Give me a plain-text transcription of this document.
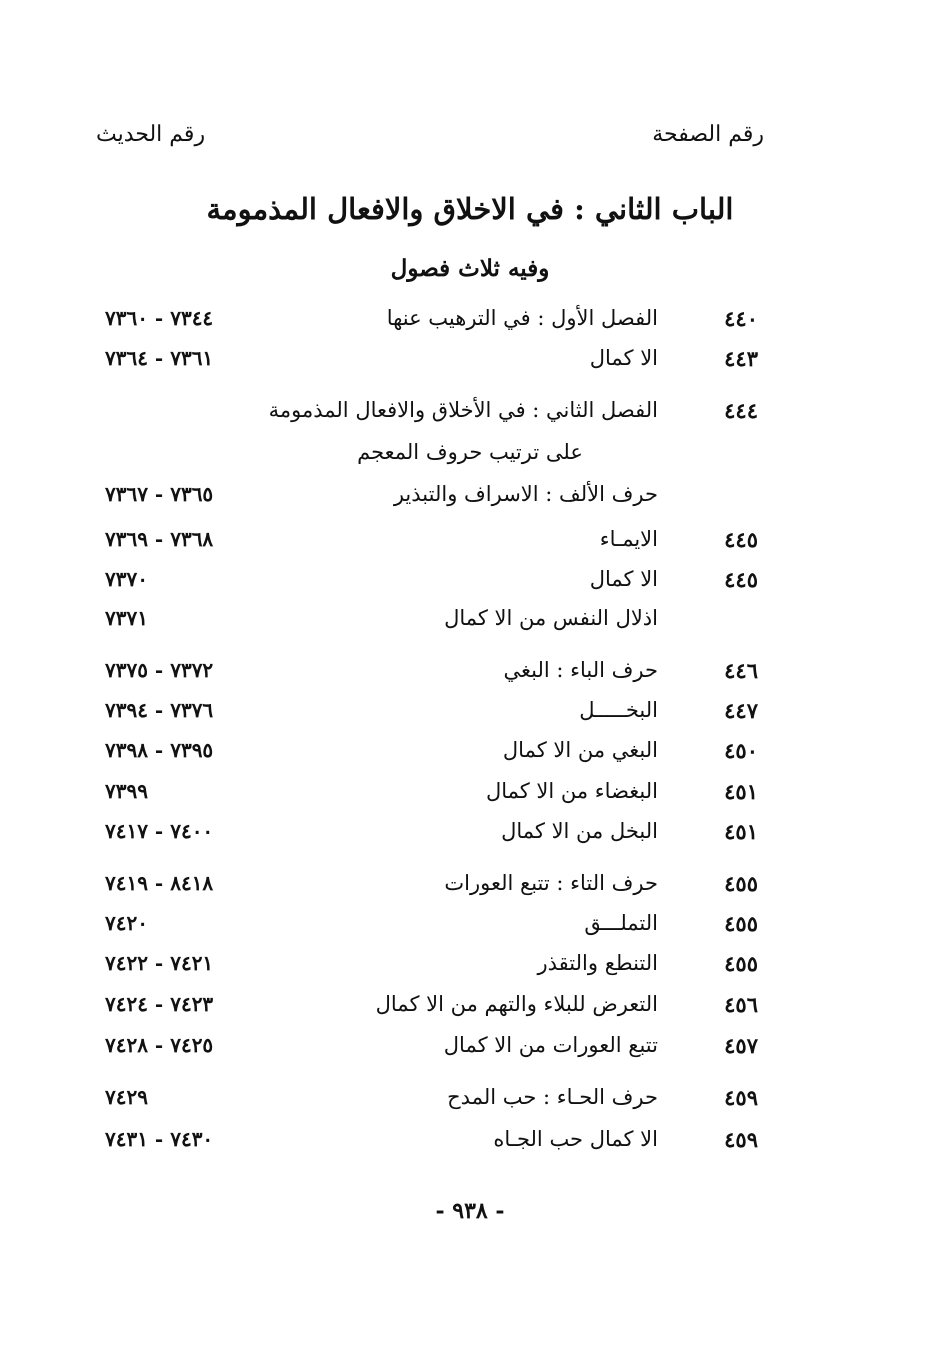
رقم الصفحة
رقم الحديث
الباب الثاني : في الاخلاق والافعال المذمومة
وفيه ثلاث فصول
٤٤٠
الفصل الأول : في الترهيب عنها
٧٣٤٤ - ٧٣٦٠
٤٤٣
الا كمال
٧٣٦١ - ٧٣٦٤
٤٤٤
الفصل الثاني : في الأخلاق والافعال المذمومة
على ترتيب حروف المعجم
حرف الألف : الاسراف والتبذير
٧٣٦٥ - ٧٣٦٧
٤٤٥
الايمـاء
٧٣٦٨ - ٧٣٦٩
٤٤٥
الا كمال
٧٣٧٠
اذلال النفس من الا كمال
٧٣٧١
٤٤٦
حرف الباء : البغي
٧٣٧٢ - ٧٣٧٥
٤٤٧
البخـــــل
٧٣٧٦ - ٧٣٩٤
٤٥٠
البغي من الا كمال
٧٣٩٥ - ٧٣٩٨
٤٥١
البغضاء من الا كمال
٧٣٩٩
٤٥١
البخل من الا كمال
٧٤٠٠ - ٧٤١٧
٤٥٥
حرف التاء : تتبع العورات
٨٤١٨ - ٧٤١٩
٤٥٥
التملـــق
٧٤٢٠
٤٥٥
التنطع والتقذر
٧٤٢١ - ٧٤٢٢
٤٥٦
التعرض للبلاء والتهم من الا كمال
٧٤٢٣ - ٧٤٢٤
٤٥٧
تتبع العورات من الا كمال
٧٤٢٥ - ٧٤٢٨
٤٥٩
حرف الحـاء : حب المدح
٧٤٢٩
٤٥٩
الا كمال حب الجـاه
٧٤٣٠ - ٧٤٣١
- ٩٣٨ -
